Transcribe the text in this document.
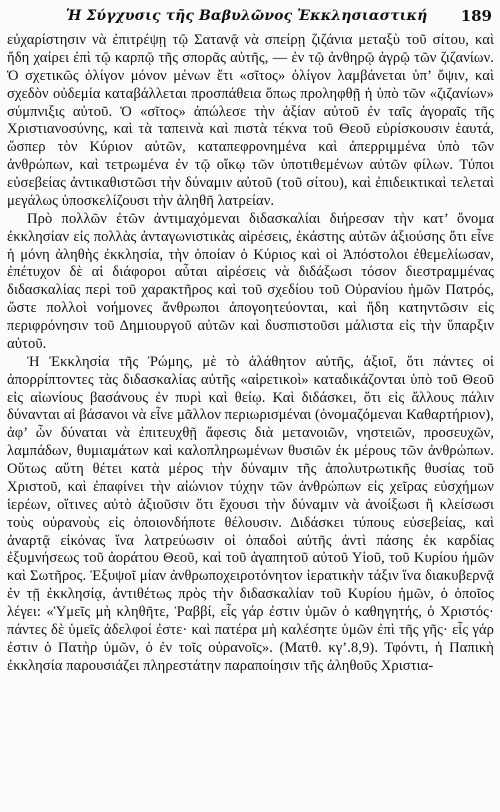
Ἡ Σύγχυσις τῆς Βαβυλῶνος Ἐκκλησιαστική 189

εὐχαρίστησιν νὰ ἐπιτρέψῃ τῷ Σατανᾷ νὰ σπείρῃ ζιζάνια μεταξὺ τοῦ σίτου, καὶ ἤδη χαίρει ἐπὶ τῷ καρπῷ τῆς σπορᾶς αὐτῆς, — ἐν τῷ ἀνθηρῷ ἀγρῷ τῶν ζιζανίων. Ὁ σχετικῶς ὀλίγον μόνον μένων ἔτι «σῖτος» ὀλίγον λαμβάνεται ὑπ’ ὄψιν, καὶ σχεδὸν οὐδεμία καταβάλλεται προσπάθεια ὅπως προληφθῇ ἡ ὑπὸ τῶν «ζιζανίων» σύμπνιξις αὐτοῦ. Ὁ «σῖτος» ἀπώλεσε τὴν ἀξίαν αὐτοῦ ἐν ταῖς ἀγοραῖς τῆς Χριστιανοσύνης, καὶ τὰ ταπεινὰ καὶ πιστὰ τέκνα τοῦ Θεοῦ εὑρίσκουσιν ἑαυτά, ὥσπερ τὸν Κύριον αὐτῶν, καταπεφρονημένα καὶ ἀπερριμμένα ὑπὸ τῶν ἀνθρώπων, καὶ τετρωμένα ἐν τῷ οἴκῳ τῶν ὑποτιθεμένων αὐτῶν φίλων. Τύποι εὐσεβείας ἀντικαθιστῶσι τὴν δύναμιν αὐτοῦ (τοῦ σίτου), καὶ ἐπιδεικτικαὶ τελεταὶ μεγάλως ὑποσκελίζουσι τὴν ἀληθῆ λατρείαν.

Πρὸ πολλῶν ἐτῶν ἀντιμαχόμεναι διδασκαλίαι διήρεσαν τὴν κατ’ ὄνομα ἐκκλησίαν εἰς πολλὰς ἀνταγωνιστικὰς αἱρέσεις, ἑκάστης αὐτῶν ἀξιούσης ὅτι εἶνε ἡ μόνη ἀληθὴς ἐκκλησία, τὴν ὁποίαν ὁ Κύριος καὶ οἱ Ἀπόστολοι ἐθεμελίωσαν, ἐπέτυχον δὲ αἱ διάφοροι αὗται αἱρέσεις νὰ διδάξωσι τόσον διεστραμμένας διδασκαλίας περὶ τοῦ χαρακτῆρος καὶ τοῦ σχεδίου τοῦ Οὐρανίου ἡμῶν Πατρός, ὥστε πολλοὶ νοήμονες ἄνθρωποι ἀπογοητεύονται, καὶ ἤδη κατηντῶσιν εἰς περιφρόνησιν τοῦ Δημιουργοῦ αὐτῶν καὶ δυσπιστοῦσι μάλιστα εἰς τὴν ὕπαρξιν αὐτοῦ.

Ἡ Ἐκκλησία τῆς Ῥώμης, μὲ τὸ ἀλάθητον αὐτῆς, ἀξιοῖ, ὅτι πάντες οἱ ἀπορρίπτοντες τὰς διδασκαλίας αὐτῆς «αἱρετικοὶ» καταδικάζονται ὑπὸ τοῦ Θεοῦ εἰς αἰωνίους βασάνους ἐν πυρὶ καὶ θείῳ. Καὶ διδάσκει, ὅτι εἰς ἄλλους πάλιν δύνανται αἱ βάσανοι νὰ εἶνε μᾶλλον περιωρισμέναι (ὀνομαζόμεναι Καθαρτήριον), ἀφ’ ὧν δύναται νὰ ἐπιτευχθῇ ἄφεσις διὰ μετανοιῶν, νηστειῶν, προσευχῶν, λαμπάδων, θυμιαμάτων καὶ καλοπληρωμένων θυσιῶν ἐκ μέρους τῶν ἀνθρώπων. Οὕτως αὕτη θέτει κατὰ μέρος τὴν δύναμιν τῆς ἀπολυτρωτικῆς θυσίας τοῦ Χριστοῦ, καὶ ἐπαφίνει τὴν αἰώνιον τύχην τῶν ἀνθρώπων εἰς χεῖρας εὐσχήμων ἱερέων, οἵτινες αὐτὸ ἀξιοῦσιν ὅτι ἔχουσι τὴν δύναμιν νὰ ἀνοίξωσι ἢ κλείσωσι τοὺς οὐρανοὺς εἰς ὁποιονδήποτε θέλουσιν. Διδάσκει τύπους εὐσεβείας, καὶ ἀναρτᾷ εἰκόνας ἵνα λατρεύωσιν οἱ ὀπαδοὶ αὐτῆς ἀντὶ πάσης ἐκ καρδίας ἐξυμνήσεως τοῦ ἀοράτου Θεοῦ, καὶ τοῦ ἀγαπητοῦ αὐτοῦ Υἱοῦ, τοῦ Κυρίου ἡμῶν καὶ Σωτῆρος. Ἐξυψοῖ μίαν ἀνθρωποχειροτόνητον ἱερατικὴν τάξιν ἵνα διακυβερνᾷ ἐν τῇ ἐκκλησίᾳ, ἀντιθέτως πρὸς τὴν διδασκαλίαν τοῦ Κυρίου ἡμῶν, ὁ ὁποῖος λέγει: «Ὑμεῖς μὴ κληθῆτε, Ῥαββί, εἷς γάρ ἐστιν ὑμῶν ὁ καθηγητής, ὁ Χριστός· πάντες δὲ ὑμεῖς ἀδελφοί ἐστε· καὶ πατέρα μὴ καλέσητε ὑμῶν ἐπὶ τῆς γῆς· εἷς γάρ ἐστιν ὁ Πατὴρ ὑμῶν, ὁ ἐν τοῖς οὐρανοῖς». (Ματθ. κγ’.8,9). Τφόντι, ἡ Παπικὴ ἐκκλησία παρουσιάζει πληρεστάτην παραποίησιν τῆς ἀληθοῦς Χριστια-
